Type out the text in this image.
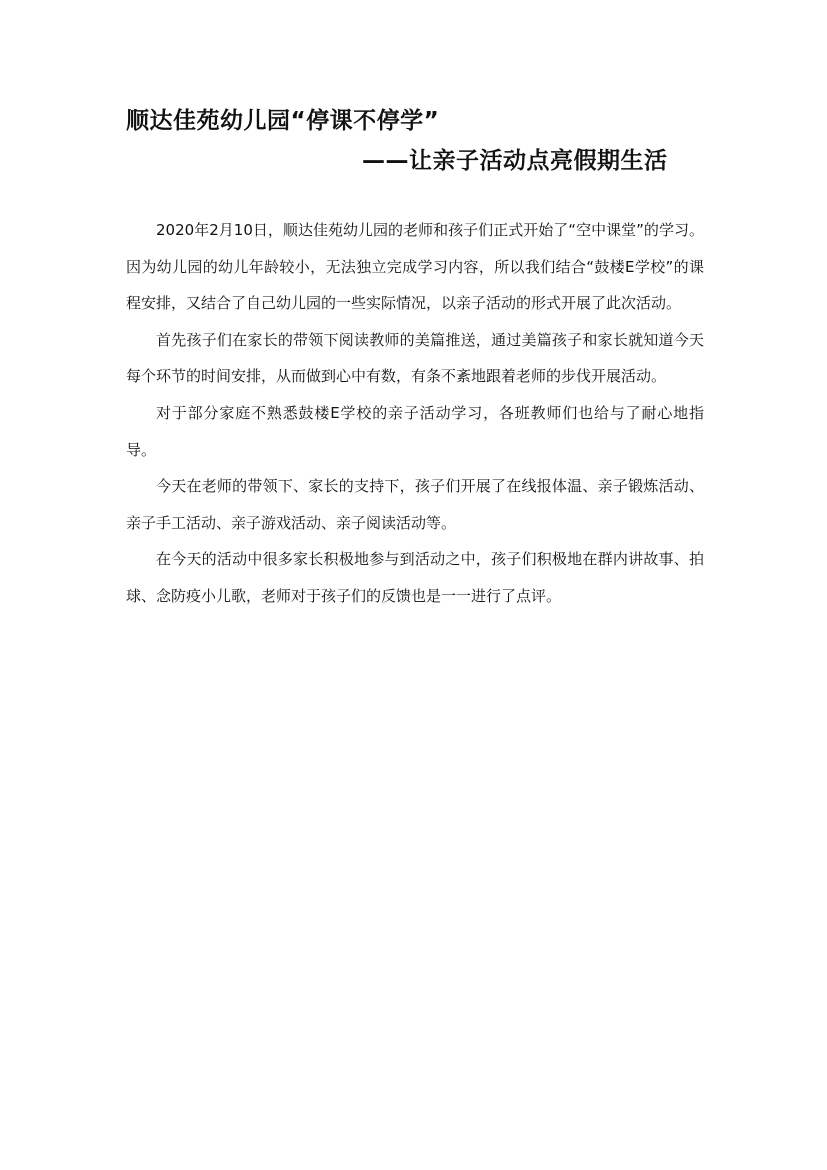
顺达佳苑幼儿园“停课不停学”
——让亲子活动点亮假期生活

2020年2月10日，顺达佳苑幼儿园的老师和孩子们正式开始了“空中课堂”的学习。因为幼儿园的幼儿年龄较小，无法独立完成学习内容，所以我们结合“鼓楼E学校”的课程安排，又结合了自己幼儿园的一些实际情况，以亲子活动的形式开展了此次活动。

首先孩子们在家长的带领下阅读教师的美篇推送，通过美篇孩子和家长就知道今天每个环节的时间安排，从而做到心中有数，有条不紊地跟着老师的步伐开展活动。

对于部分家庭不熟悉鼓楼E学校的亲子活动学习，各班教师们也给与了耐心地指导。

今天在老师的带领下、家长的支持下，孩子们开展了在线报体温、亲子锻炼活动、亲子手工活动、亲子游戏活动、亲子阅读活动等。

在今天的活动中很多家长积极地参与到活动之中，孩子们积极地在群内讲故事、拍球、念防疫小儿歌，老师对于孩子们的反馈也是一一进行了点评。
